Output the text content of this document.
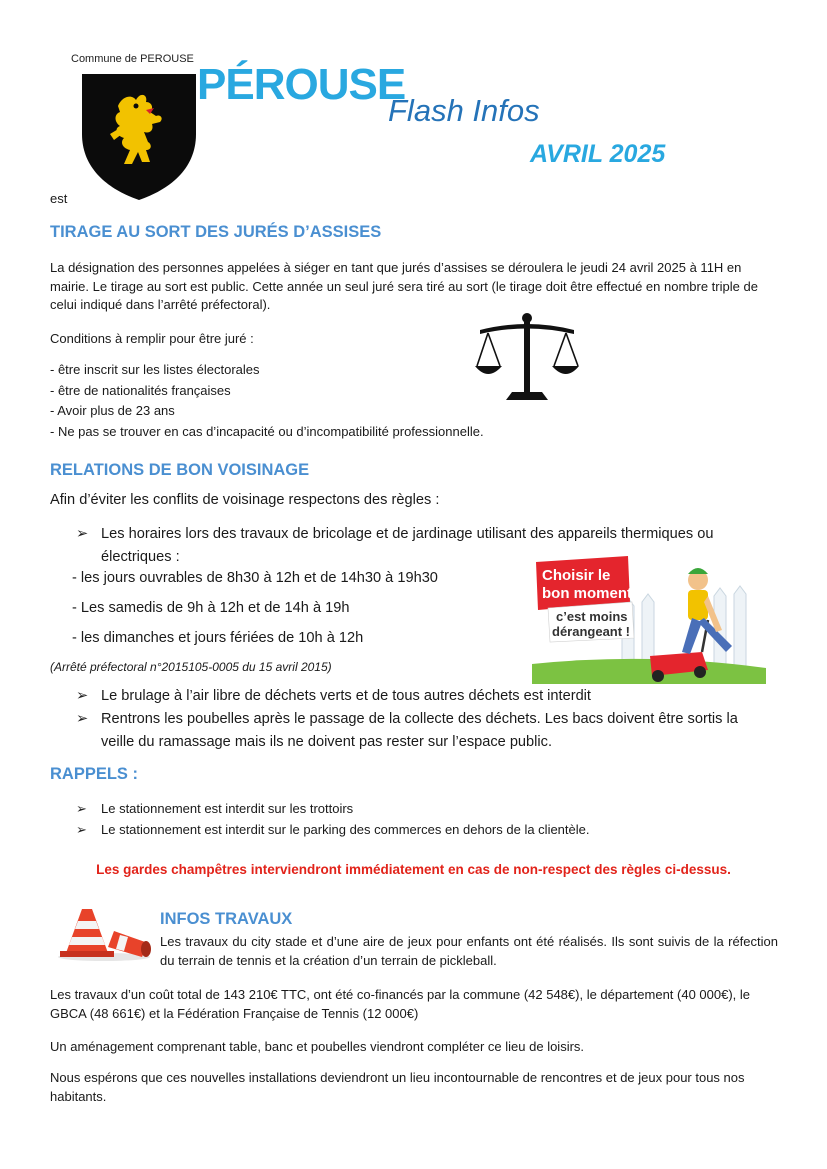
Commune de PEROUSE
PÉROUSE
Flash Infos
AVRIL 2025
est
TIRAGE AU SORT DES JURÉS D’ASSISES
La désignation des personnes appelées à siéger en tant que jurés d’assises se déroulera le jeudi 24 avril 2025 à 11H en mairie. Le tirage au sort est public. Cette année un seul juré sera tiré au sort (le tirage doit être effectué en nombre triple de celui indiqué dans l’arrêté préfectoral).
Conditions à remplir pour être juré :
- être inscrit sur les listes électorales
- être de nationalités françaises
- Avoir plus de 23 ans
- Ne pas se trouver en cas d’incapacité ou d’incompatibilité professionnelle.
RELATIONS DE BON VOISINAGE
Afin d’éviter les conflits de voisinage respectons des règles :
➢ Les horaires lors des travaux de bricolage et de jardinage utilisant des appareils thermiques ou électriques :
- les jours ouvrables de 8h30 à 12h et de 14h30 à 19h30
- Les samedis de 9h à 12h et de 14h à 19h
- les dimanches et jours fériées de 10h à 12h
(Arrêté préfectoral n°2015105-0005 du 15 avril 2015)
➢ Le brulage à l’air libre de déchets verts et de tous autres déchets est interdit
➢ Rentrons les poubelles après le passage de la collecte des déchets. Les bacs doivent être sortis la veille du ramassage mais ils ne doivent pas rester sur l’espace public.
Choisir le
bon moment
c’est moins
dérangeant !
RAPPELS :
➢ Le stationnement est interdit sur les trottoirs
➢ Le stationnement est interdit sur le parking des commerces en dehors de la clientèle.
Les gardes champêtres interviendront immédiatement en cas de non-respect des règles ci-dessus.
INFOS TRAVAUX
Les travaux du city stade et d’une aire de jeux pour enfants ont été réalisés. Ils sont suivis de la réfection du terrain de tennis et la création d’un terrain de pickleball.
Les travaux d’un coût total de 143 210€ TTC, ont été co-financés par la commune (42 548€), le département (40 000€), le GBCA (48 661€) et la Fédération Française de Tennis (12 000€)
Un aménagement comprenant table, banc et poubelles viendront compléter ce lieu de loisirs.
Nous espérons que ces nouvelles installations deviendront un lieu incontournable de rencontres et de jeux pour tous nos habitants.
